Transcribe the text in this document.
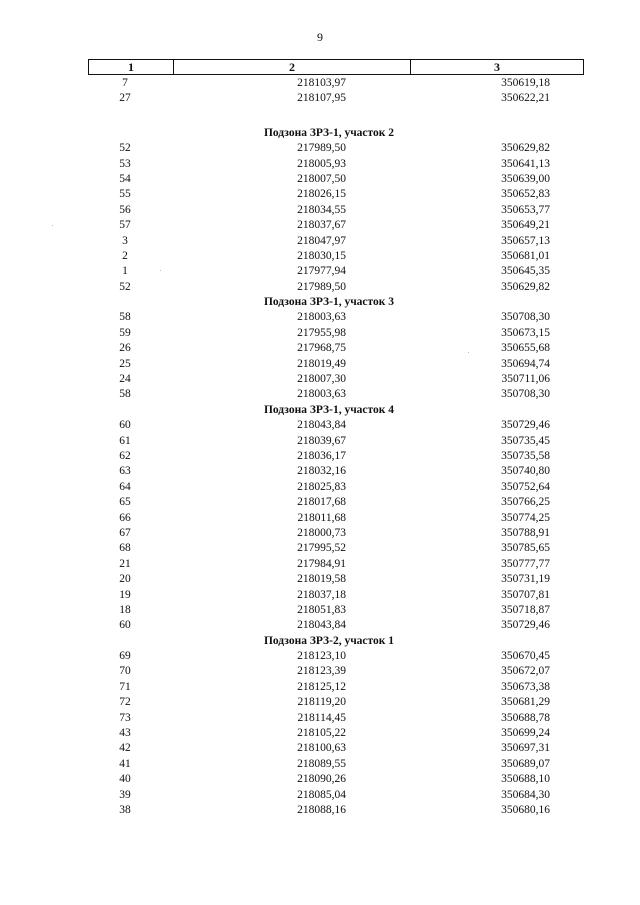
9
1	2	3
7	218103,97	350619,18
27	218107,95	350622,21
Подзона ЗРЗ-1, участок 2
52	217989,50	350629,82
53	218005,93	350641,13
54	218007,50	350639,00
55	218026,15	350652,83
56	218034,55	350653,77
57	218037,67	350649,21
3	218047,97	350657,13
2	218030,15	350681,01
1	217977,94	350645,35
52	217989,50	350629,82
Подзона ЗРЗ-1, участок 3
58	218003,63	350708,30
59	217955,98	350673,15
26	217968,75	350655,68
25	218019,49	350694,74
24	218007,30	350711,06
58	218003,63	350708,30
Подзона ЗРЗ-1, участок 4
60	218043,84	350729,46
61	218039,67	350735,45
62	218036,17	350735,58
63	218032,16	350740,80
64	218025,83	350752,64
65	218017,68	350766,25
66	218011,68	350774,25
67	218000,73	350788,91
68	217995,52	350785,65
21	217984,91	350777,77
20	218019,58	350731,19
19	218037,18	350707,81
18	218051,83	350718,87
60	218043,84	350729,46
Подзона ЗРЗ-2, участок 1
69	218123,10	350670,45
70	218123,39	350672,07
71	218125,12	350673,38
72	218119,20	350681,29
73	218114,45	350688,78
43	218105,22	350699,24
42	218100,63	350697,31
41	218089,55	350689,07
40	218090,26	350688,10
39	218085,04	350684,30
38	218088,16	350680,16
